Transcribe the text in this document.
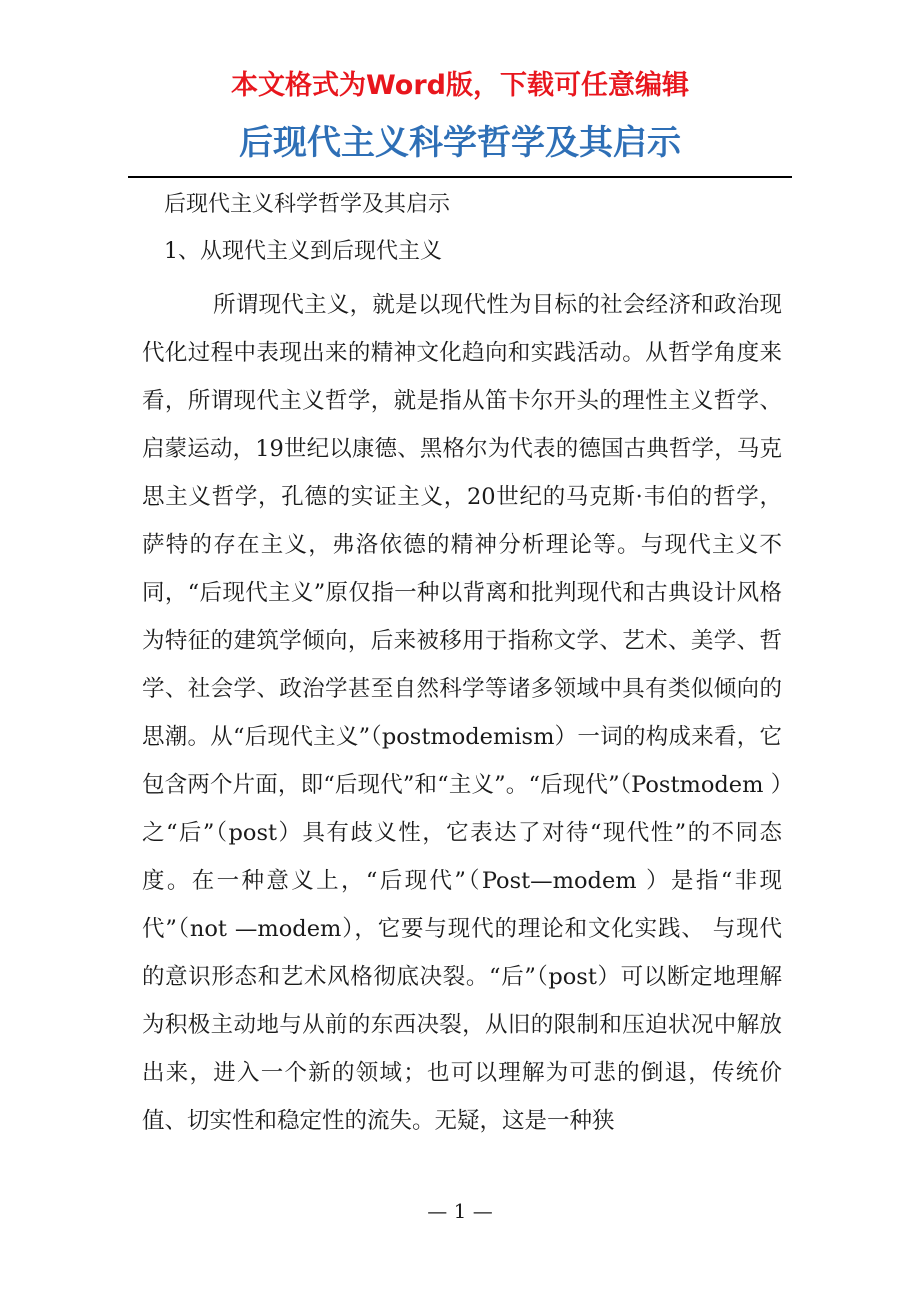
本文格式为Word版，下载可任意编辑
后现代主义科学哲学及其启示
后现代主义科学哲学及其启示
1、从现代主义到后现代主义

所谓现代主义，就是以现代性为目标的社会经济和政治现代化过程中表现出来的精神文化趋向和实践活动。从哲学角度来看，所谓现代主义哲学，就是指从笛卡尔开头的理性主义哲学、启蒙运动，19世纪以康德、黑格尔为代表的德国古典哲学，马克思主义哲学，孔德的实证主义，20世纪的马克斯·韦伯的哲学，萨特的存在主义，弗洛依德的精神分析理论等。与现代主义不同，“后现代主义”原仅指一种以背离和批判现代和古典设计风格为特征的建筑学倾向，后来被移用于指称文学、艺术、美学、哲学、社会学、政治学甚至自然科学等诸多领域中具有类似倾向的思潮。从“后现代主义”（postmodemism）一词的构成来看，它包含两个片面，即“后现代”和“主义”。“后现代”（Postmodem ）之“后”（post）具有歧义性，它表达了对待“现代性”的不同态度。在一种意义上，“后现代”（Post—modem ）是指“非现代”（not —modem），它要与现代的理论和文化实践、 与现代的意识形态和艺术风格彻底决裂。“后”（post）可以断定地理解为积极主动地与从前的东西决裂，从旧的限制和压迫状况中解放出来，进入一个新的领域；也可以理解为可悲的倒退，传统价值、切实性和稳定性的流失。无疑，这是一种狭

— 1 —
